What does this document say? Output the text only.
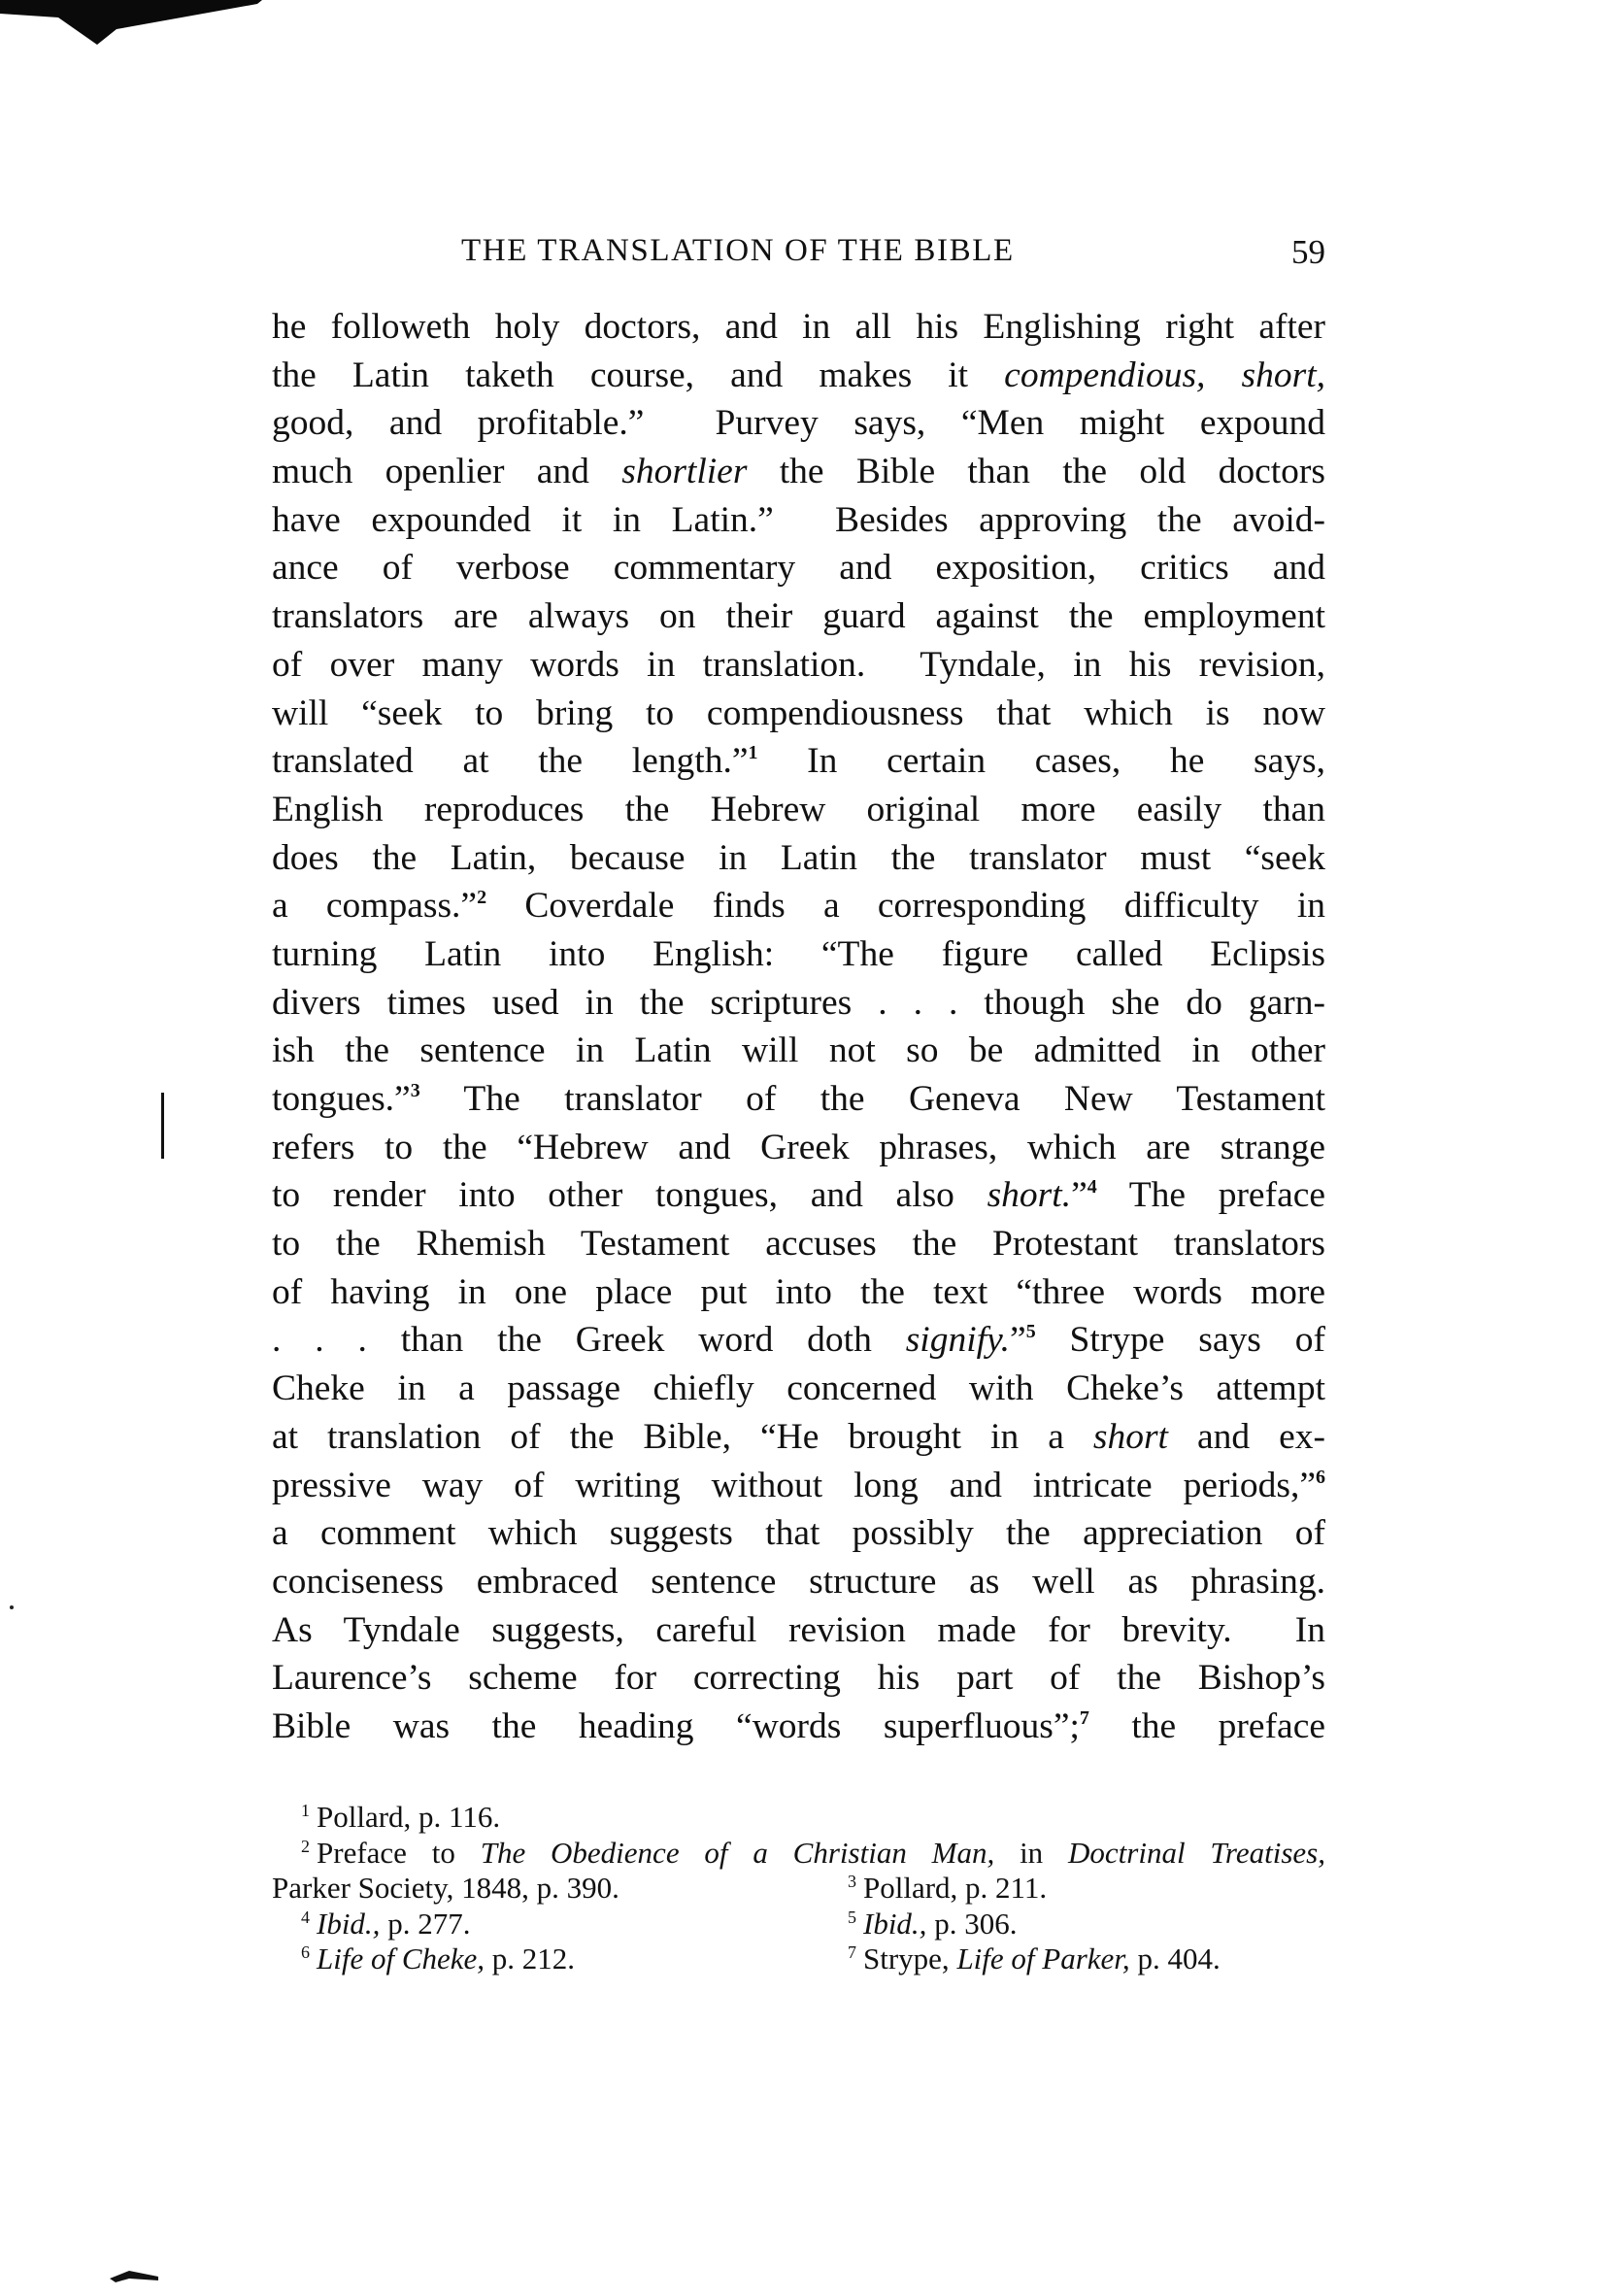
THE TRANSLATION OF THE BIBLE	59
he followeth holy doctors, and in all his Englishing right after
the Latin taketh course, and makes it compendious, short,
good, and profitable.”  Purvey says, “Men might expound
much openlier and shortlier the Bible than the old doctors
have expounded it in Latin.”  Besides approving the avoid-
ance of verbose commentary and exposition, critics and
translators are always on their guard against the employment
of over many words in translation.  Tyndale, in his revision,
will “seek to bring to compendiousness that which is now
translated at the length.”$^1$ In certain cases, he says,
English reproduces the Hebrew original more easily than
does the Latin, because in Latin the translator must “seek
a compass.”$^2$ Coverdale finds a corresponding difficulty in
turning Latin into English: “The figure called Eclipsis
divers times used in the scriptures . . . though she do garn-
ish the sentence in Latin will not so be admitted in other
tongues.”$^3$ The translator of the Geneva New Testament
refers to the “Hebrew and Greek phrases, which are strange
to render into other tongues, and also short.”$^4$ The preface
to the Rhemish Testament accuses the Protestant translators
of having in one place put into the text “three words more
. . . than the Greek word doth signify.”$^5$ Strype says of
Cheke in a passage chiefly concerned with Cheke’s attempt
at translation of the Bible, “He brought in a short and ex-
pressive way of writing without long and intricate periods,”$^6$
a comment which suggests that possibly the appreciation of
conciseness embraced sentence structure as well as phrasing.
As Tyndale suggests, careful revision made for brevity.  In
Laurence’s scheme for correcting his part of the Bishop’s
Bible was the heading “words superfluous”;$^7$ the preface
$^1$ Pollard, p. 116.
$^2$ Preface to The Obedience of a Christian Man, in Doctrinal Treatises,
Parker Society, 1848, p. 390.	$^3$ Pollard, p. 211.
$^4$ Ibid., p. 277.	$^5$ Ibid., p. 306.
$^6$ Life of Cheke, p. 212.	$^7$ Strype, Life of Parker, p. 404.
